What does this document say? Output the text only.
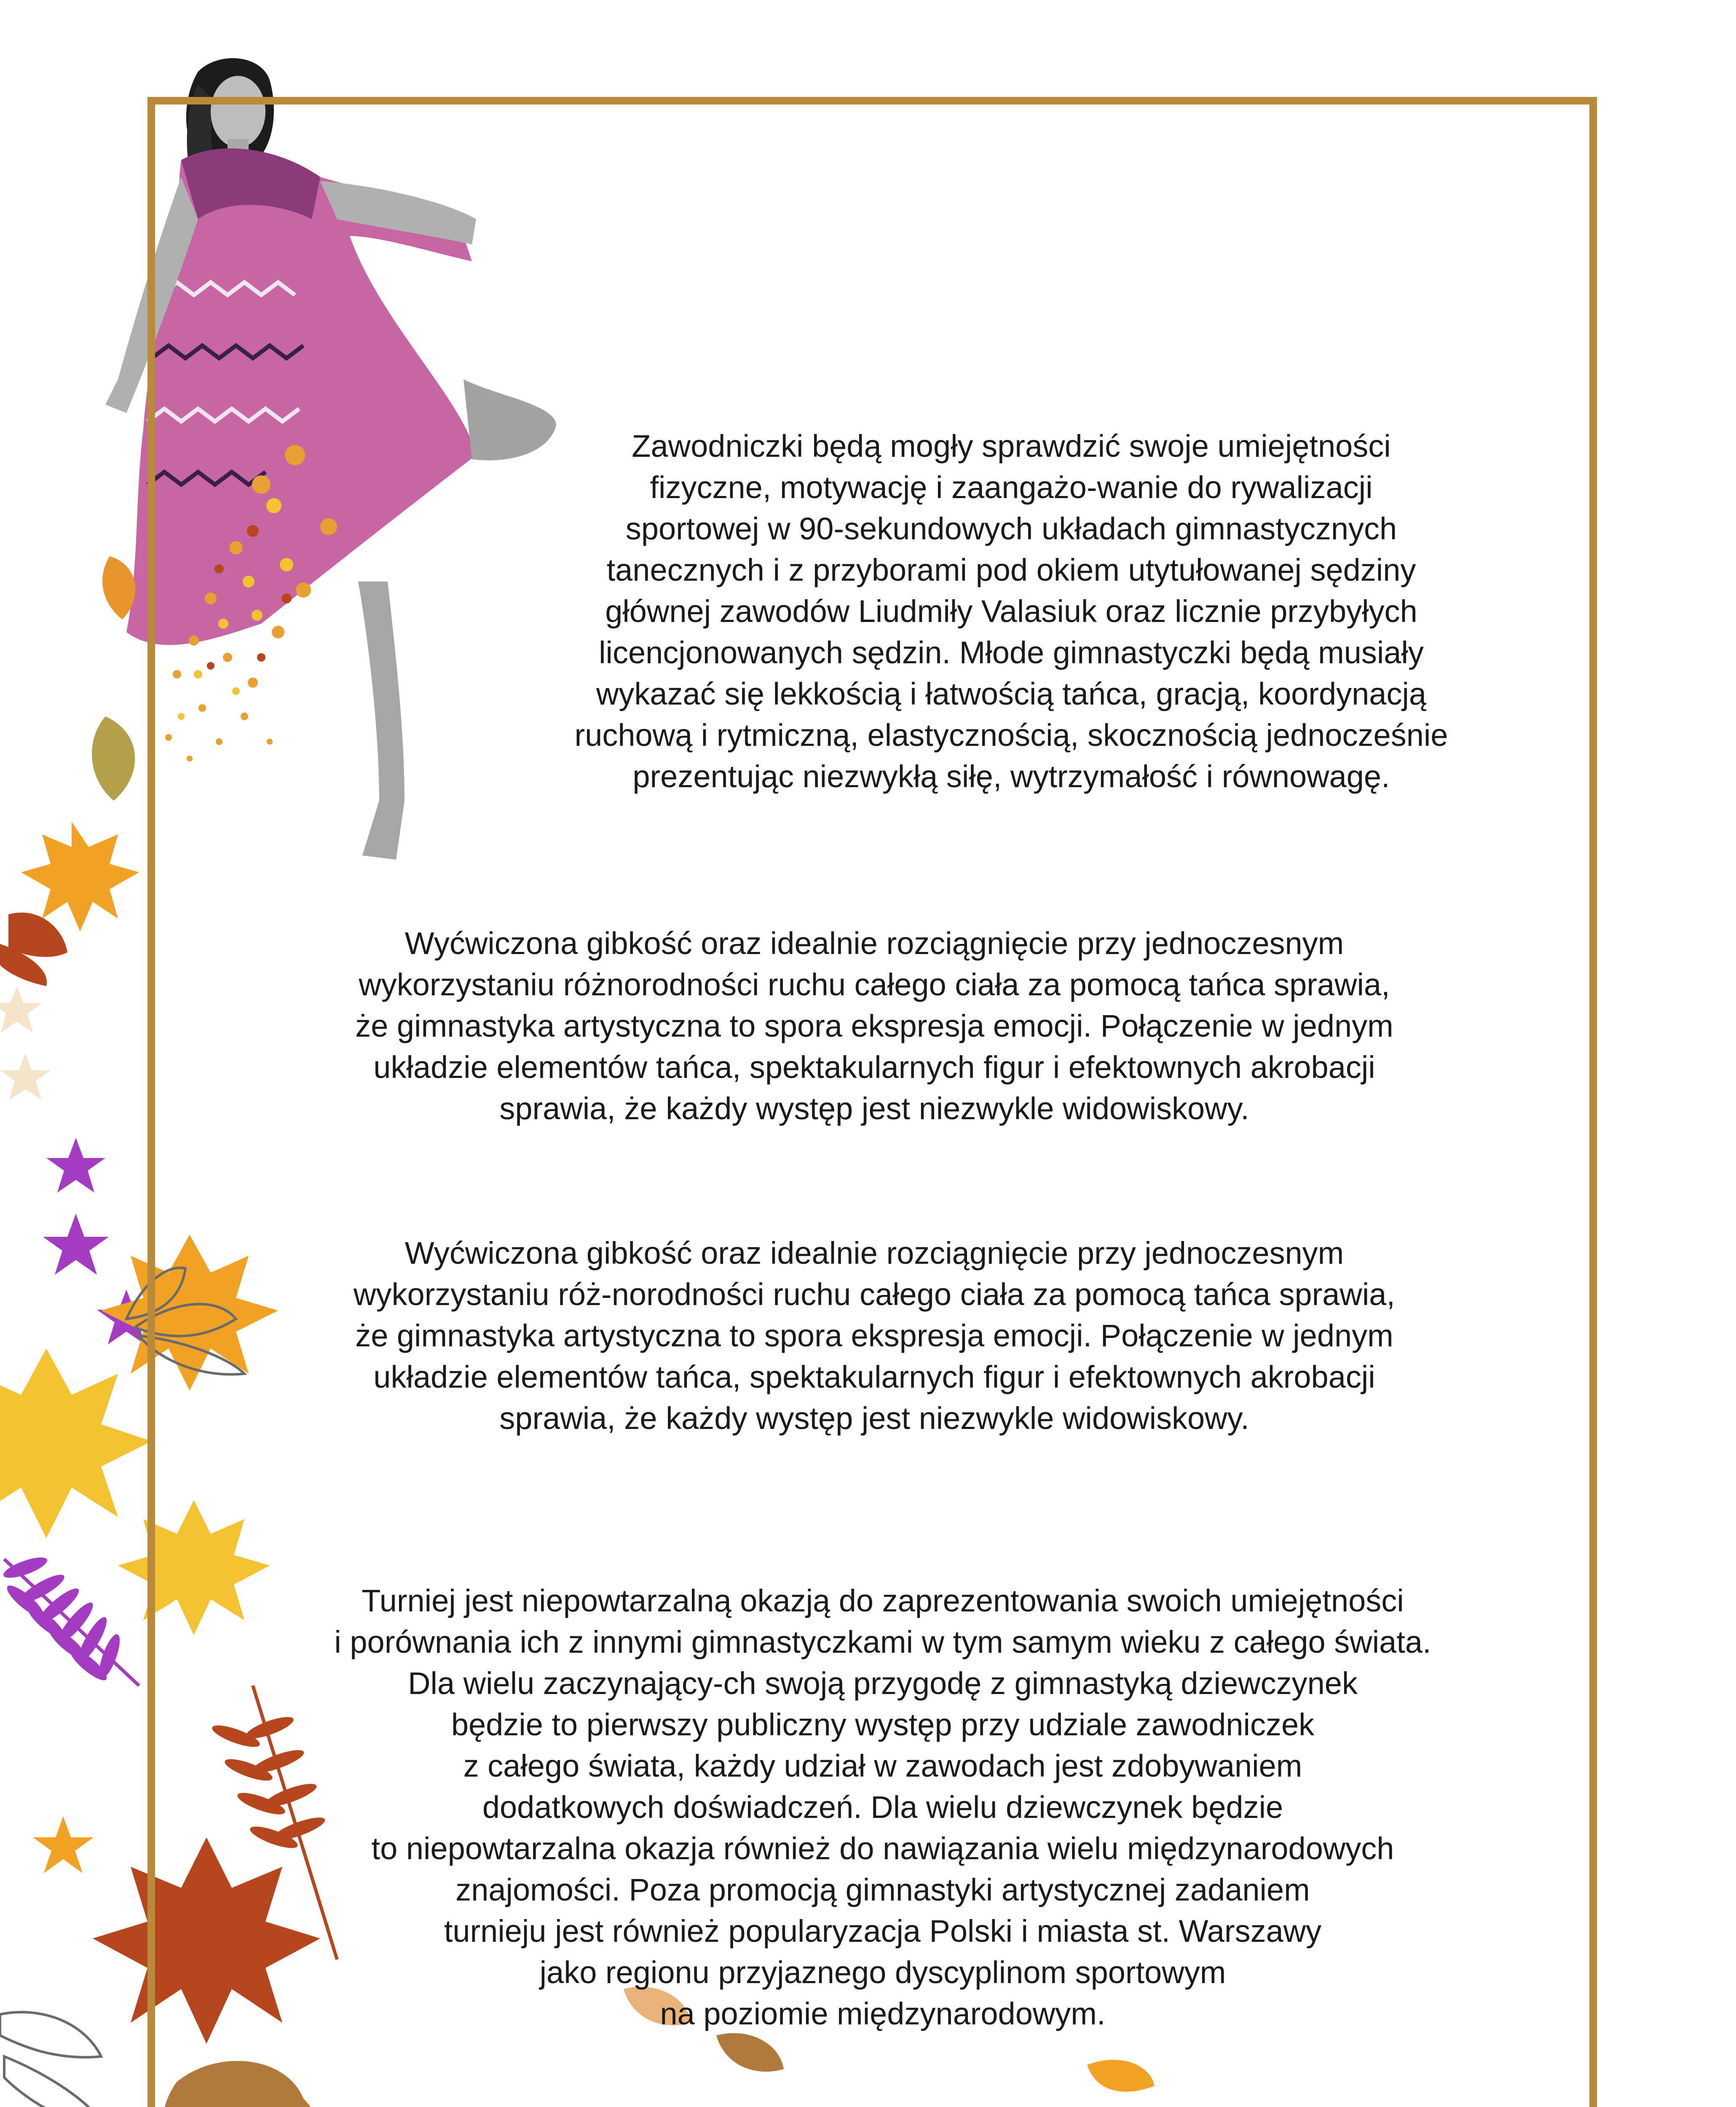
Zawodniczki będą mogły sprawdzić swoje umiejętności
fizyczne, motywację i zaangażo-wanie do rywalizacji
sportowej w 90-sekundowych układach gimnastycznych
tanecznych i z przyborami pod okiem utytułowanej sędziny
głównej zawodów Liudmiły Valasiuk oraz licznie przybyłych
licencjonowanych sędzin. Młode gimnastyczki będą musiały
wykazać się lekkością i łatwością tańca, gracją, koordynacją
ruchową i rytmiczną, elastycznością, skocznością jednocześnie
prezentując niezwykłą siłę, wytrzymałość i równowagę.

Wyćwiczona gibkość oraz idealnie rozciągnięcie przy jednoczesnym
wykorzystaniu różnorodności ruchu całego ciała za pomocą tańca sprawia,
że gimnastyka artystyczna to spora ekspresja emocji. Połączenie w jednym
układzie elementów tańca, spektakularnych figur i efektownych akrobacji
sprawia, że każdy występ jest niezwykle widowiskowy.

Wyćwiczona gibkość oraz idealnie rozciągnięcie przy jednoczesnym
wykorzystaniu róż-norodności ruchu całego ciała za pomocą tańca sprawia,
że gimnastyka artystyczna to spora ekspresja emocji. Połączenie w jednym
układzie elementów tańca, spektakularnych figur i efektownych akrobacji
sprawia, że każdy występ jest niezwykle widowiskowy.

Turniej jest niepowtarzalną okazją do zaprezentowania swoich umiejętności
i porównania ich z innymi gimnastyczkami w tym samym wieku z całego świata.
Dla wielu zaczynający-ch swoją przygodę z gimnastyką dziewczynek
będzie to pierwszy publiczny występ przy udziale zawodniczek
z całego świata, każdy udział w zawodach jest zdobywaniem
dodatkowych doświadczeń. Dla wielu dziewczynek będzie
to niepowtarzalna okazja również do nawiązania wielu międzynarodowych
znajomości. Poza promocją gimnastyki artystycznej zadaniem
turnieju jest również popularyzacja Polski i miasta st. Warszawy
jako regionu przyjaznego dyscyplinom sportowym
na poziomie międzynarodowym.
